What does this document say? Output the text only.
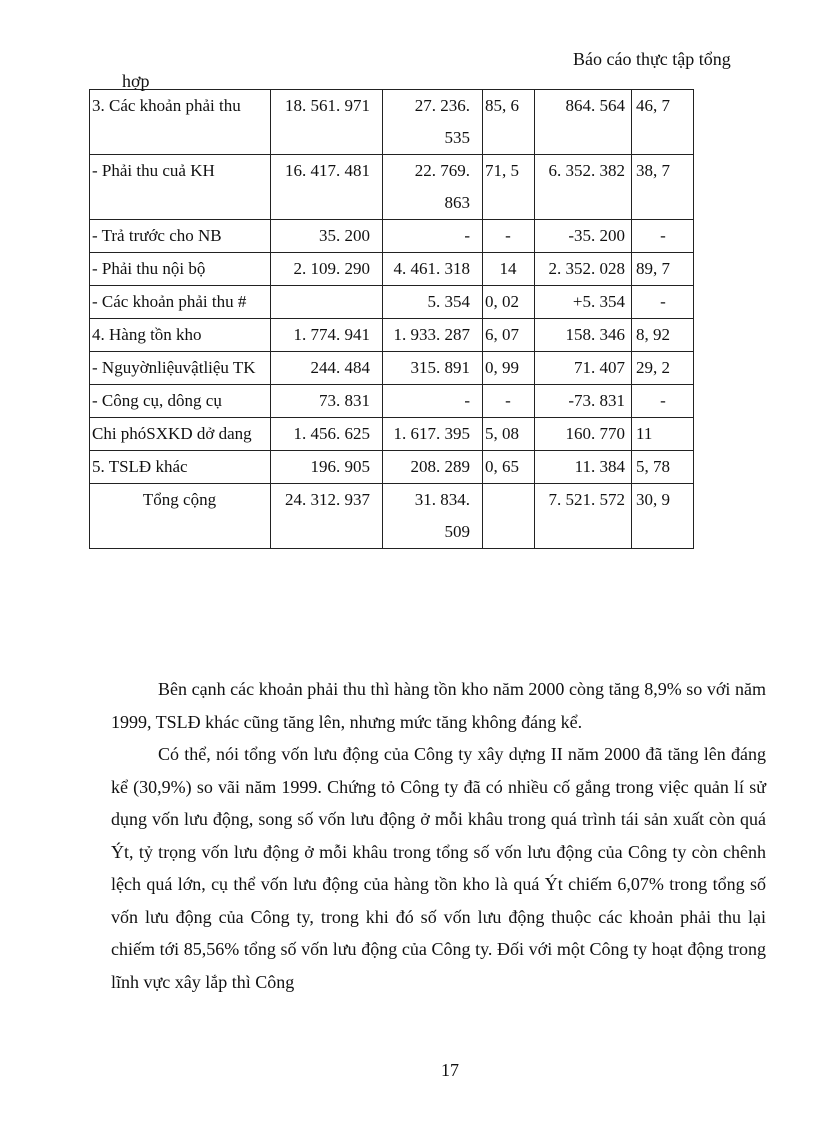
Báo cáo thực tập tổng
hợp
3. Các khoản phải thu	18. 561. 971	27. 236. 535	85, 6	864. 564	46, 7
- Phải thu cuả KH	16. 417. 481	22. 769. 863	71, 5	6. 352. 382	38, 7
- Trả trước cho NB	35. 200	-	-	-35. 200	-
- Phải thu nội bộ	2. 109. 290	4. 461. 318	14	2. 352. 028	89, 7
- Các khoản phải thu #		5. 354	0, 02	+5. 354	-
4. Hàng tồn kho	1. 774. 941	1. 933. 287	6, 07	158. 346	8, 92
- Nguyờnliệuvậtliệu TK	244. 484	315. 891	0, 99	71. 407	29, 2
- Công cụ, dông cụ	73. 831	-	-	-73. 831	-
Chi phóSXKD dở dang	1. 456. 625	1. 617. 395	5, 08	160. 770	11
5. TSLĐ khác	196. 905	208. 289	0, 65	11. 384	5, 78
Tổng cộng	24. 312. 937	31. 834. 509		7. 521. 572	30, 9

Bên cạnh các khoản phải thu thì hàng tồn kho năm 2000 còng tăng 8,9% so với năm 1999, TSLĐ khác cũng tăng lên, nhưng mức tăng không đáng kể.

Có thể, nói tổng vốn lưu động của Công ty xây dựng II năm 2000 đã tăng lên đáng kể (30,9%) so vãi năm 1999. Chứng tỏ Công ty đã có nhiều cố gắng trong việc quản lí sử dụng vốn lưu động, song số vốn lưu động ở mỗi khâu trong quá trình tái sản xuất còn quá Ýt, tỷ trọng vốn lưu động ở mỗi khâu trong tổng số vốn lưu động của Công ty còn chênh lệch quá lớn, cụ thể vốn lưu động của hàng tồn kho là quá Ýt chiếm 6,07% trong tổng số vốn lưu động của Công ty, trong khi đó số vốn lưu động thuộc các khoản phải thu lại chiếm tới 85,56% tổng số vốn lưu động của Công ty. Đối với một Công ty hoạt động trong lĩnh vực xây lắp thì Công

17
